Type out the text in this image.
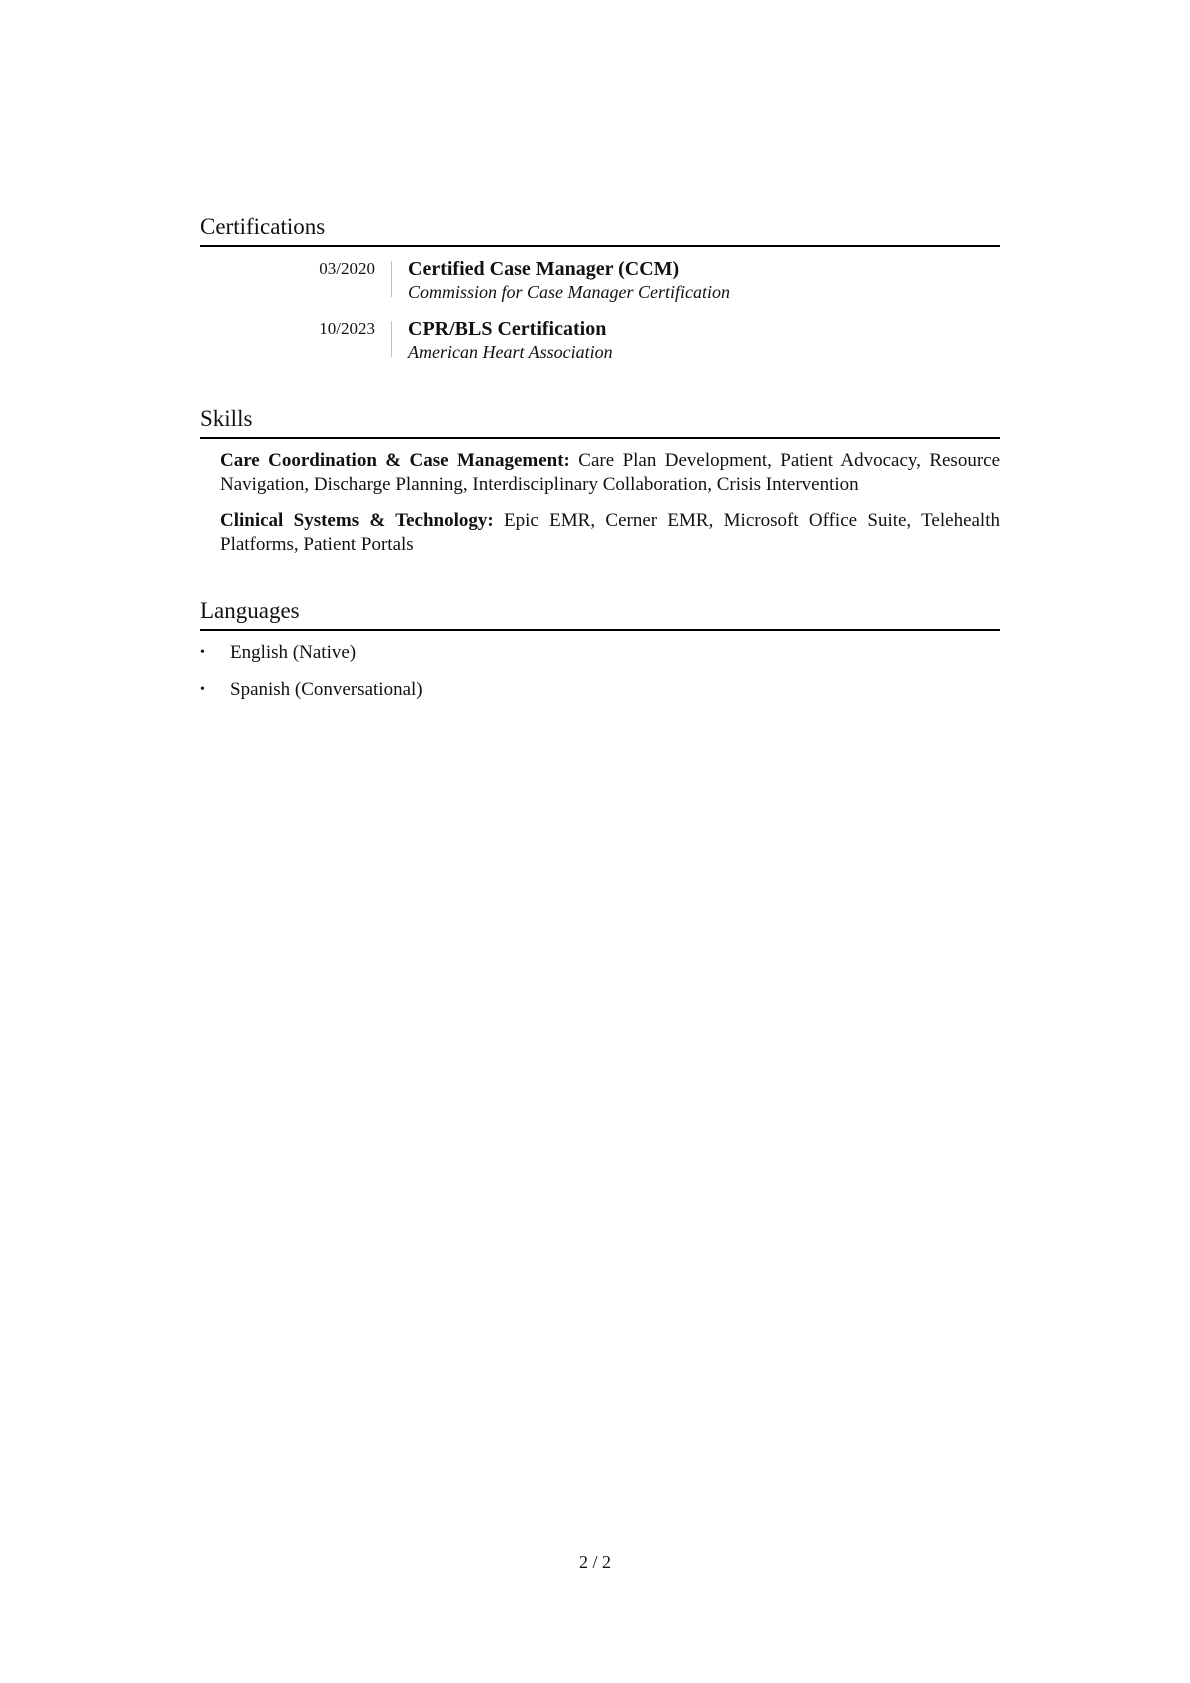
Certifications
03/2020 Certified Case Manager (CCM)
Commission for Case Manager Certification
10/2023 CPR/BLS Certification
American Heart Association
Skills
Care Coordination & Case Management: Care Plan Development, Patient Advocacy, Resource Navigation, Discharge Planning, Interdisciplinary Collaboration, Crisis Intervention
Clinical Systems & Technology: Epic EMR, Cerner EMR, Microsoft Office Suite, Telehealth Platforms, Patient Portals
Languages
• English (Native)
• Spanish (Conversational)
2 / 2
